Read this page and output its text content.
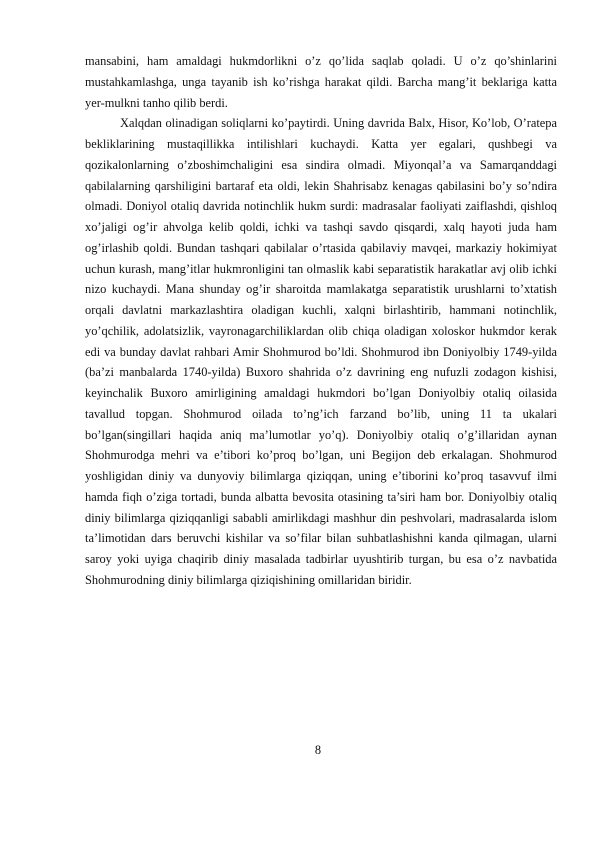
mansabini, ham amaldagi hukmdorlikni o’z qo’lida saqlab qoladi. U o’z qo’shinlarini mustahkamlashga, unga tayanib ish ko’rishga harakat qildi. Barcha mang’it beklariga katta yer-mulkni tanho qilib berdi.

Xalqdan olinadigan soliqlarni ko’paytirdi. Uning davrida Balx, Hisor, Ko’lob, O’ratepa bekliklarining mustaqillikka intilishlari kuchaydi. Katta yer egalari, qushbegi va qozikalonlarning o’zboshimchaligini esa sindira olmadi. Miyonqal’a va Samarqanddagi qabilalarning qarshiligini bartaraf eta oldi, lekin Shahrisabz kenagas qabilasini bo’y so’ndira olmadi. Doniyol otaliq davrida notinchlik hukm surdi: madrasalar faoliyati zaiflashdi, qishloq xo’jaligi og’ir ahvolga kelib qoldi, ichki va tashqi savdo qisqardi, xalq hayoti juda ham og’irlashib qoldi. Bundan tashqari qabilalar o’rtasida qabilaviy mavqei, markaziy hokimiyat uchun kurash, mang’itlar hukmronligini tan olmaslik kabi separatistik harakatlar avj olib ichki nizo kuchaydi. Mana shunday og’ir sharoitda mamlakatga separatistik urushlarni to’xtatish orqali davlatni markazlashtira oladigan kuchli, xalqni birlashtirib, hammani notinchlik, yo’qchilik, adolatsizlik, vayronagarchiliklardan olib chiqa oladigan xoloskor hukmdor kerak edi va bunday davlat rahbari Amir Shohmurod bo’ldi. Shohmurod ibn Doniyolbiy 1749-yilda (ba’zi manbalarda 1740-yilda) Buxoro shahrida o’z davrining eng nufuzli zodagon kishisi, keyinchalik Buxoro amirligining amaldagi hukmdori bo’lgan Doniyolbiy otaliq oilasida tavallud topgan. Shohmurod oilada to’ng’ich farzand bo’lib, uning 11 ta ukalari bo’lgan(singillari haqida aniq ma’lumotlar yo’q). Doniyolbiy otaliq o’g’illaridan aynan Shohmurodga mehri va e’tibori ko’proq bo’lgan, uni Begijon deb erkalagan. Shohmurod yoshligidan diniy va dunyoviy bilimlarga qiziqqan, uning e’tiborini ko’proq tasavvuf ilmi hamda fiqh o’ziga tortadi, bunda albatta bevosita otasining ta’siri ham bor. Doniyolbiy otaliq diniy bilimlarga qiziqqanligi sababli amirlikdagi mashhur din peshvolari, madrasalarda islom ta’limotidan dars beruvchi kishilar va so’filar bilan suhbatlashishni kanda qilmagan, ularni saroy yoki uyiga chaqirib diniy masalada tadbirlar uyushtirib turgan, bu esa o’z navbatida Shohmurodning diniy bilimlarga qiziqishining omillaridan biridir.

8
